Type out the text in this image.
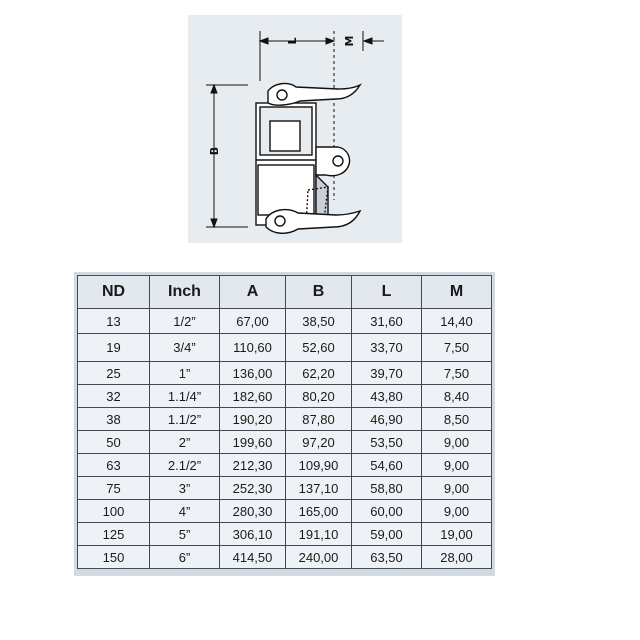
L	M
B
ND	Inch	A	B	L	M
13	1/2”	67,00	38,50	31,60	14,40
19	3/4”	110,60	52,60	33,70	7,50
25	1”	136,00	62,20	39,70	7,50
32	1.1/4”	182,60	80,20	43,80	8,40
38	1.1/2”	190,20	87,80	46,90	8,50
50	2”	199,60	97,20	53,50	9,00
63	2.1/2”	212,30	109,90	54,60	9,00
75	3”	252,30	137,10	58,80	9,00
100	4”	280,30	165,00	60,00	9,00
125	5”	306,10	191,10	59,00	19,00
150	6”	414,50	240,00	63,50	28,00
